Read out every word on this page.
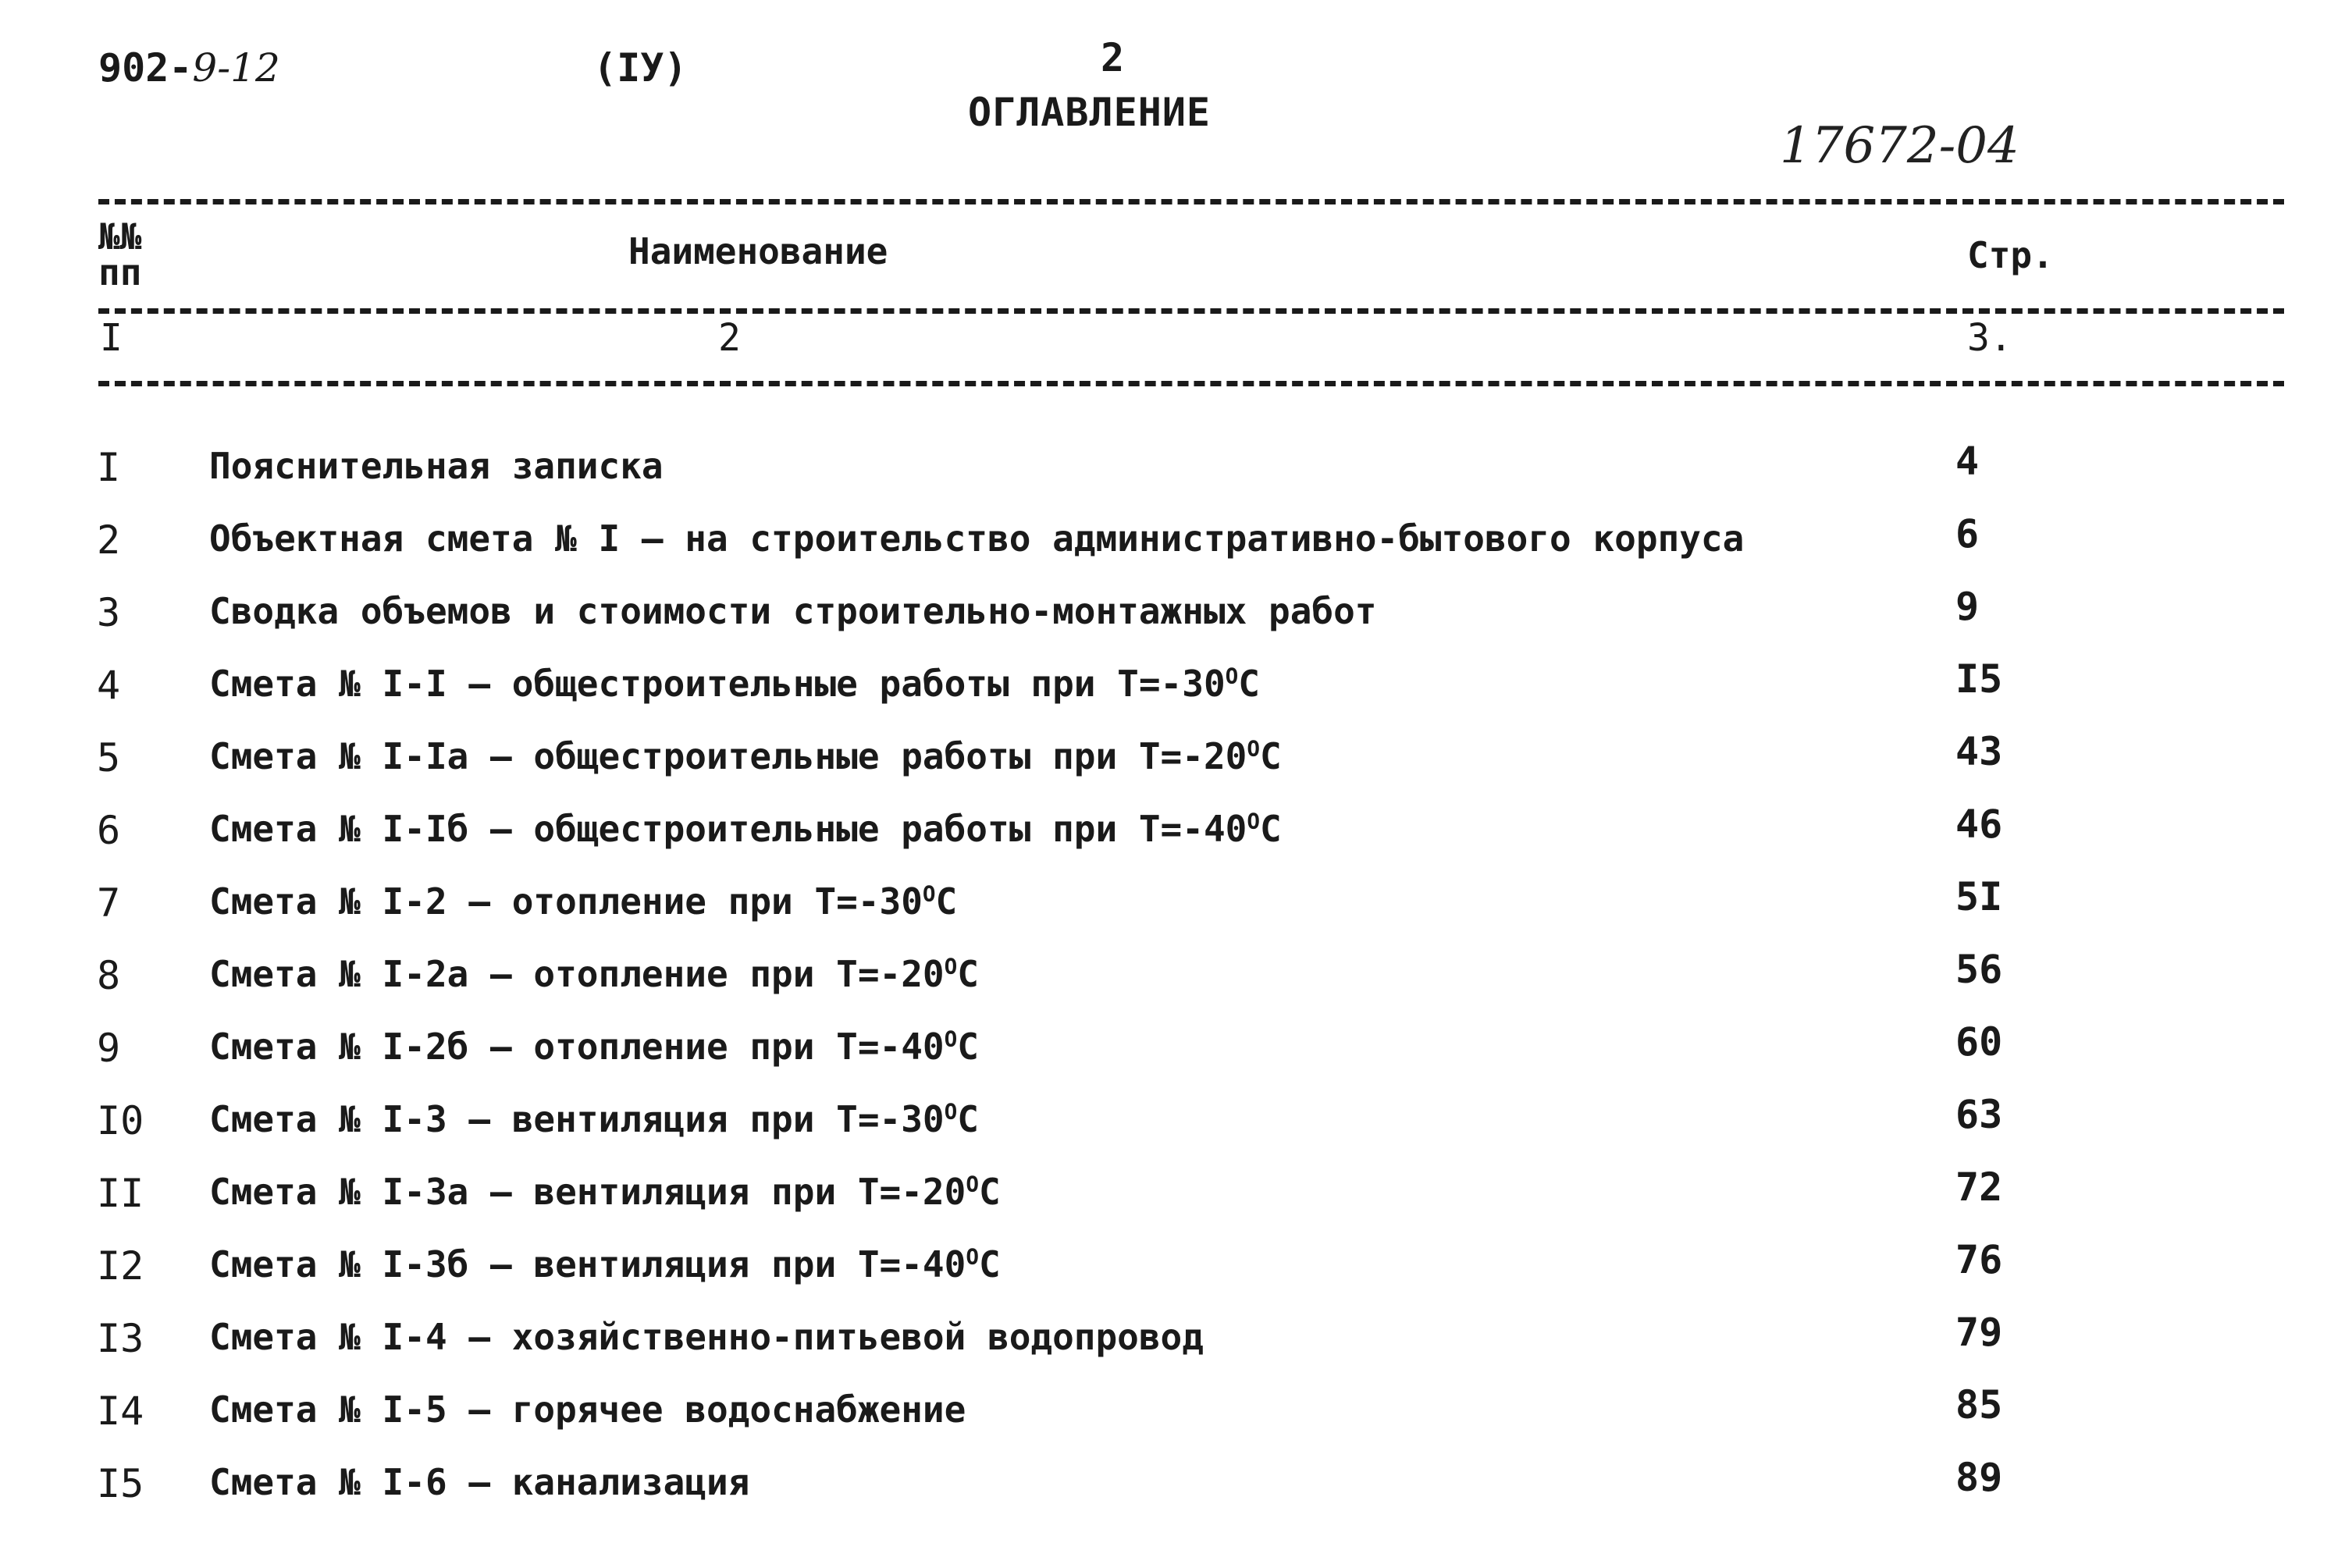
902-9-12	(IУ)	2
ОГЛАВЛЕНИЕ
17672-04
№№
пп	Наименование	Стр.
I	2	3.
I	Пояснительная записка	4
2	Объектная смета № I – на строительство административно-бытового корпуса	6
3	Сводка объемов и стоимости строительно-монтажных работ	9
4	Смета № I-I – общестроительные работы при $Т=-30^ОС$	I5
5	Смета № I-Iа – общестроительные работы при $Т=-20^ОС$	43
6	Смета № I-Iб – общестроительные работы при $Т=-40^ОС$	46
7	Смета № I-2 – отопление при $Т=-30^ОС$	5I
8	Смета № I-2а – отопление при $Т=-20^ОС$	56
9	Смета № I-2б – отопление при $Т=-40^ОС$	60
I0	Смета № I-3 – вентиляция при $Т=-30^ОС$	63
II	Смета № I-3а – вентиляция при $Т=-20^ОС$	72
I2	Смета № I-3б – вентиляция при $Т=-40^ОС$	76
I3	Смета № I-4 – хозяйственно-питьевой водопровод	79
I4	Смета № I-5 – горячее водоснабжение	85
I5	Смета № I-6 – канализация	89
